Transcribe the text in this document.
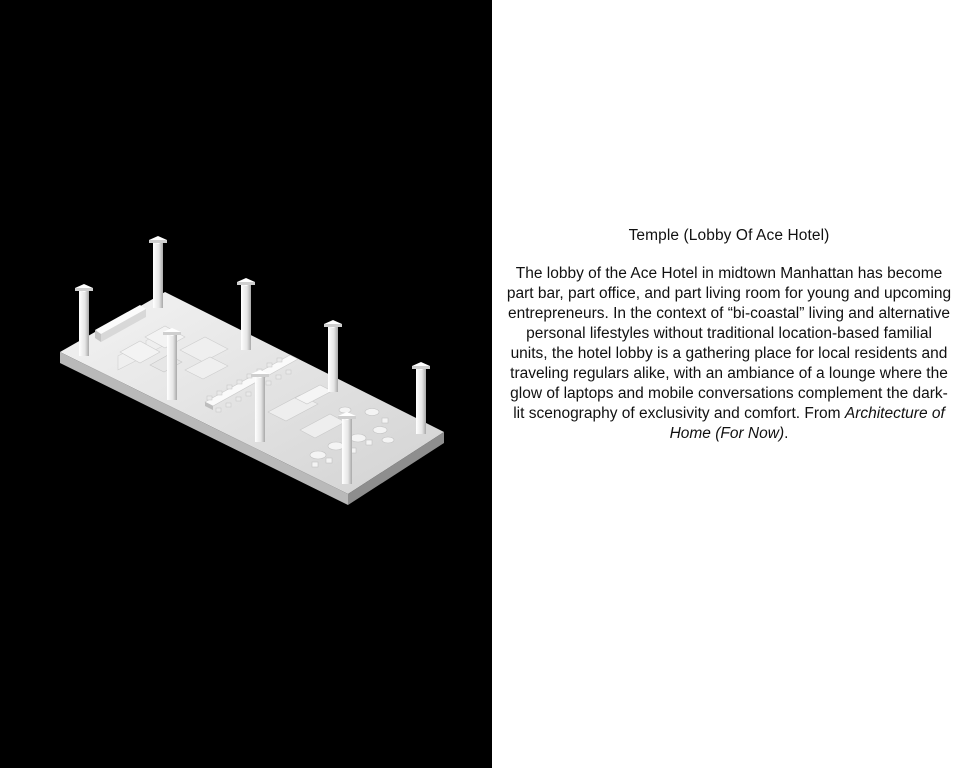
Temple (Lobby Of Ace Hotel)

The lobby of the Ace Hotel in midtown Manhattan has become part bar, part office, and part living room for young and upcoming entrepreneurs. In the context of “bi-coastal” living and alternative personal lifestyles without traditional location-based familial units, the hotel lobby is a gathering place for local residents and traveling regulars alike, with an ambiance of a lounge where the glow of laptops and mobile conversations complement the dark-lit scenography of exclusivity and comfort. From Architecture of Home (For Now).
